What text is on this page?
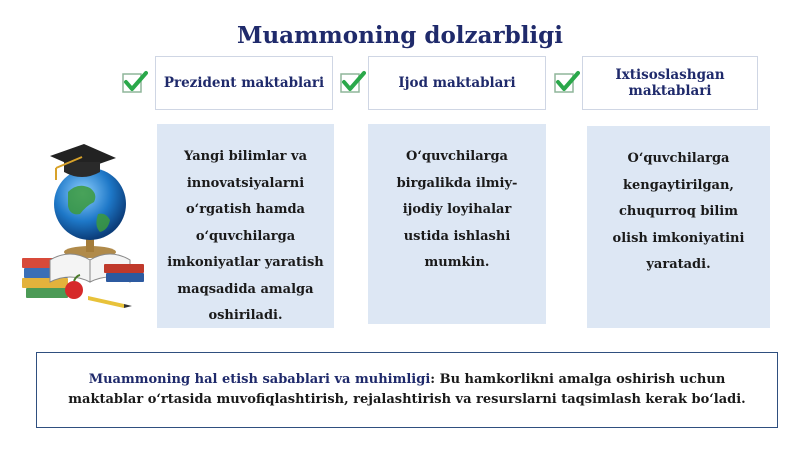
Muammoning dolzarbligi
Prezident maktablari	Ijod maktablari	Ixtisoslashgan maktablari
Yangi bilimlar va
innovatsiyalarni
o‘rgatish hamda
o‘quvchilarga
imkoniyatlar yaratish
maqsadida amalga
oshiriladi.
O‘quvchilarga
birgalikda ilmiy-
ijodiy loyihalar
ustida ishlashi
mumkin.
O‘quvchilarga
kengaytirilgan,
chuqurroq bilim
olish imkoniyatini
yaratadi.
Muammoning hal etish sabablari va muhimligi: Bu hamkorlikni amalga oshirish uchun maktablar o‘rtasida muvofiqlashtirish, rejalashtirish va resurslarni taqsimlash kerak bo‘ladi.
